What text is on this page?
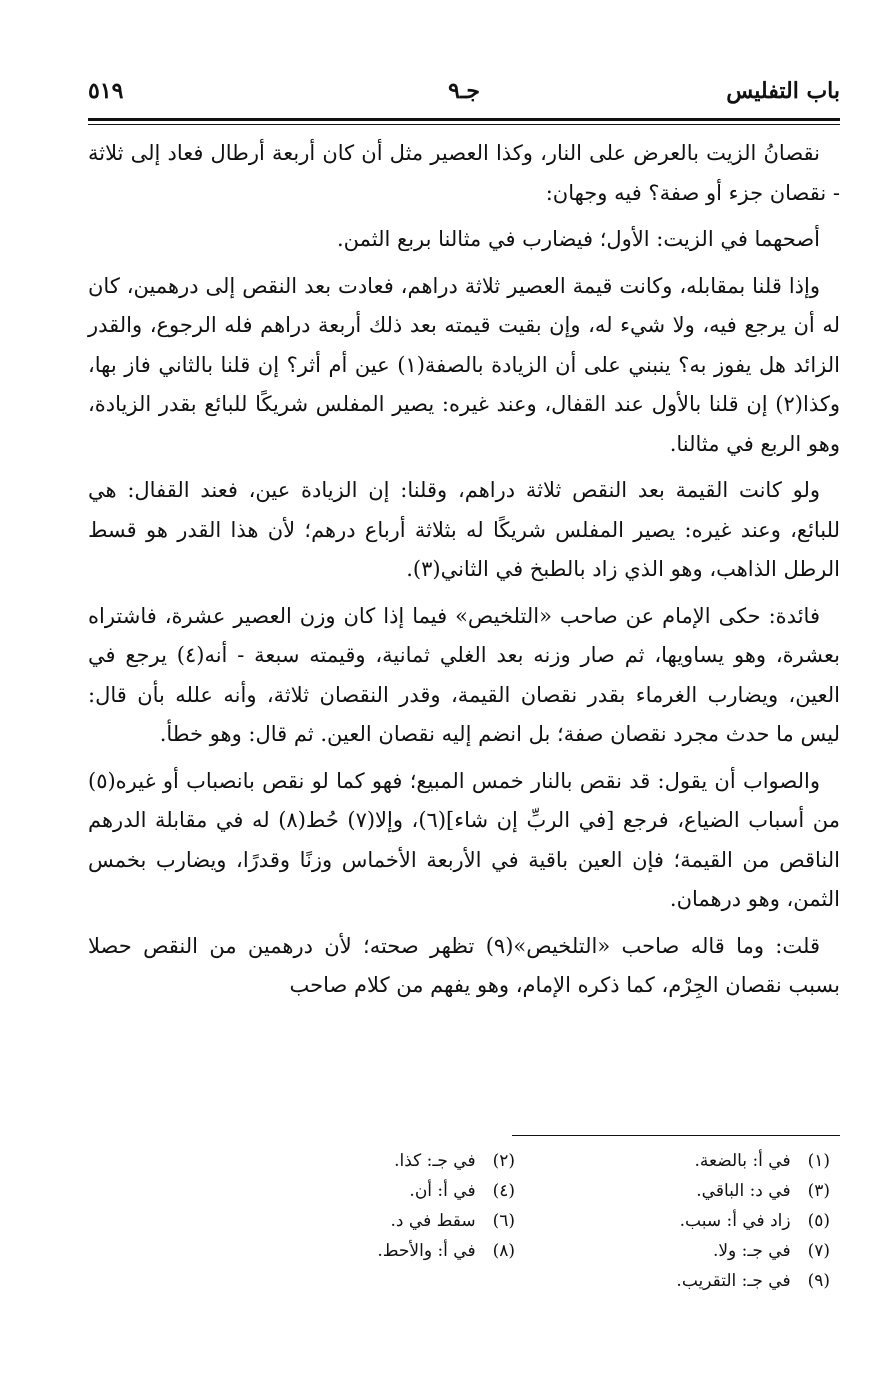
باب التفليس
جـ٩
٥١٩

نقصانُ الزيت بالعرض على النار، وكذا العصير مثل أن كان أربعة أرطال فعاد إلى ثلاثة - نقصان جزء أو صفة؟ فيه وجهان:

أصحهما في الزيت: الأول؛ فيضارب في مثالنا بربع الثمن.

وإذا قلنا بمقابله، وكانت قيمة العصير ثلاثة دراهم، فعادت بعد النقص إلى درهمين، كان له أن يرجع فيه، ولا شيء له، وإن بقيت قيمته بعد ذلك أربعة دراهم فله الرجوع، والقدر الزائد هل يفوز به؟ ينبني على أن الزيادة بالصفة(١) عين أم أثر؟ إن قلنا بالثاني فاز بها، وكذا(٢) إن قلنا بالأول عند القفال، وعند غيره: يصير المفلس شريكًا للبائع بقدر الزيادة، وهو الربع في مثالنا.

ولو كانت القيمة بعد النقص ثلاثة دراهم، وقلنا: إن الزيادة عين، فعند القفال: هي للبائع، وعند غيره: يصير المفلس شريكًا له بثلاثة أرباع درهم؛ لأن هذا القدر هو قسط الرطل الذاهب، وهو الذي زاد بالطبخ في الثاني(٣).

فائدة: حكى الإمام عن صاحب «التلخيص» فيما إذا كان وزن العصير عشرة، فاشتراه بعشرة، وهو يساويها، ثم صار وزنه بعد الغلي ثمانية، وقيمته سبعة - أنه(٤) يرجع في العين، ويضارب الغرماء بقدر نقصان القيمة، وقدر النقصان ثلاثة، وأنه علله بأن قال: ليس ما حدث مجرد نقصان صفة؛ بل انضم إليه نقصان العين. ثم قال: وهو خطأ.

والصواب أن يقول: قد نقص بالنار خمس المبيع؛ فهو كما لو نقص بانصباب أو غيره(٥) من أسباب الضياع، فرجع [في الربِّ إن شاء](٦)، وإلا(٧) حُط(٨) له في مقابلة الدرهم الناقص من القيمة؛ فإن العين باقية في الأربعة الأخماس وزنًا وقدرًا، ويضارب بخمس الثمن، وهو درهمان.

قلت: وما قاله صاحب «التلخيص»(٩) تظهر صحته؛ لأن درهمين من النقص حصلا بسبب نقصان الجِرْم، كما ذكره الإمام، وهو يفهم من كلام صاحب

(١) في أ: بالضعة.
(٣) في د: الباقي.
(٥) زاد في أ: سبب.
(٧) في جـ: ولا.
(٩) في جـ: التقريب.
(٢) في جـ: كذا.
(٤) في أ: أن.
(٦) سقط في د.
(٨) في أ: والأحط.
